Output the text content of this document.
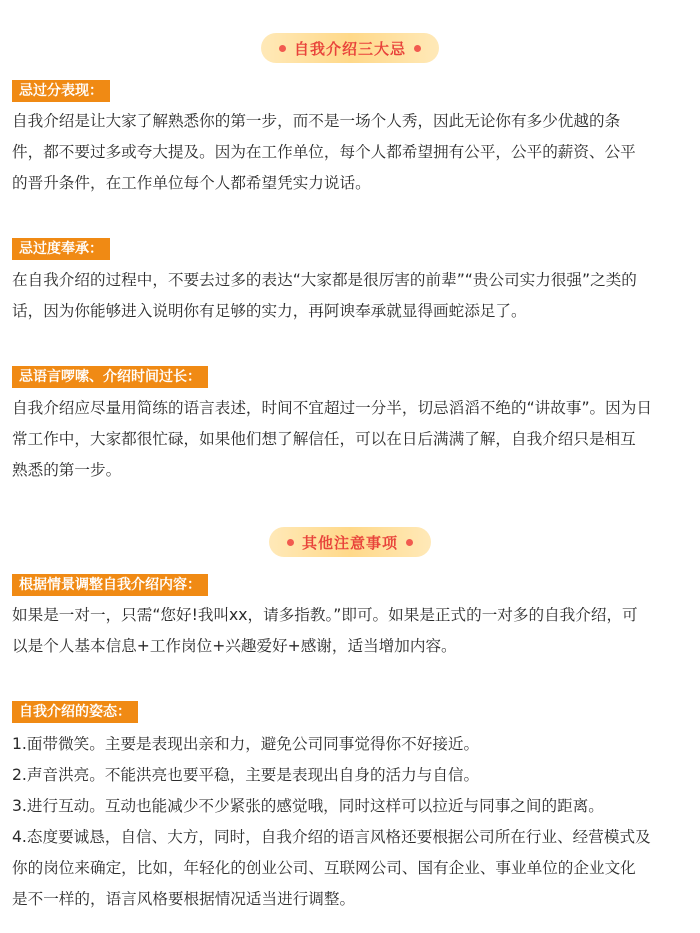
自我介绍三大忌
忌过分表现：
自我介绍是让大家了解熟悉你的第一步，而不是一场个人秀，因此无论你有多少优越的条
件，都不要过多或夸大提及。因为在工作单位，每个人都希望拥有公平，公平的薪资、公平
的晋升条件，在工作单位每个人都希望凭实力说话。
忌过度奉承：
在自我介绍的过程中，不要去过多的表达“大家都是很厉害的前辈”“贵公司实力很强”之类的
话，因为你能够进入说明你有足够的实力，再阿谀奉承就显得画蛇添足了。
忌语言啰嗦、介绍时间过长：
自我介绍应尽量用简练的语言表述，时间不宜超过一分半，切忌滔滔不绝的“讲故事”。因为日
常工作中，大家都很忙碌，如果他们想了解信任，可以在日后满满了解，自我介绍只是相互
熟悉的第一步。
其他注意事项
根据情景调整自我介绍内容：
如果是一对一，只需“您好!我叫xx，请多指教。”即可。如果是正式的一对多的自我介绍，可
以是个人基本信息+工作岗位+兴趣爱好+感谢，适当增加内容。
自我介绍的姿态：
1.面带微笑。主要是表现出亲和力，避免公司同事觉得你不好接近。
2.声音洪亮。不能洪亮也要平稳，主要是表现出自身的活力与自信。
3.进行互动。互动也能减少不少紧张的感觉哦，同时这样可以拉近与同事之间的距离。
4.态度要诚恳，自信、大方，同时，自我介绍的语言风格还要根据公司所在行业、经营模式及
你的岗位来确定，比如，年轻化的创业公司、互联网公司、国有企业、事业单位的企业文化
是不一样的，语言风格要根据情况适当进行调整。
